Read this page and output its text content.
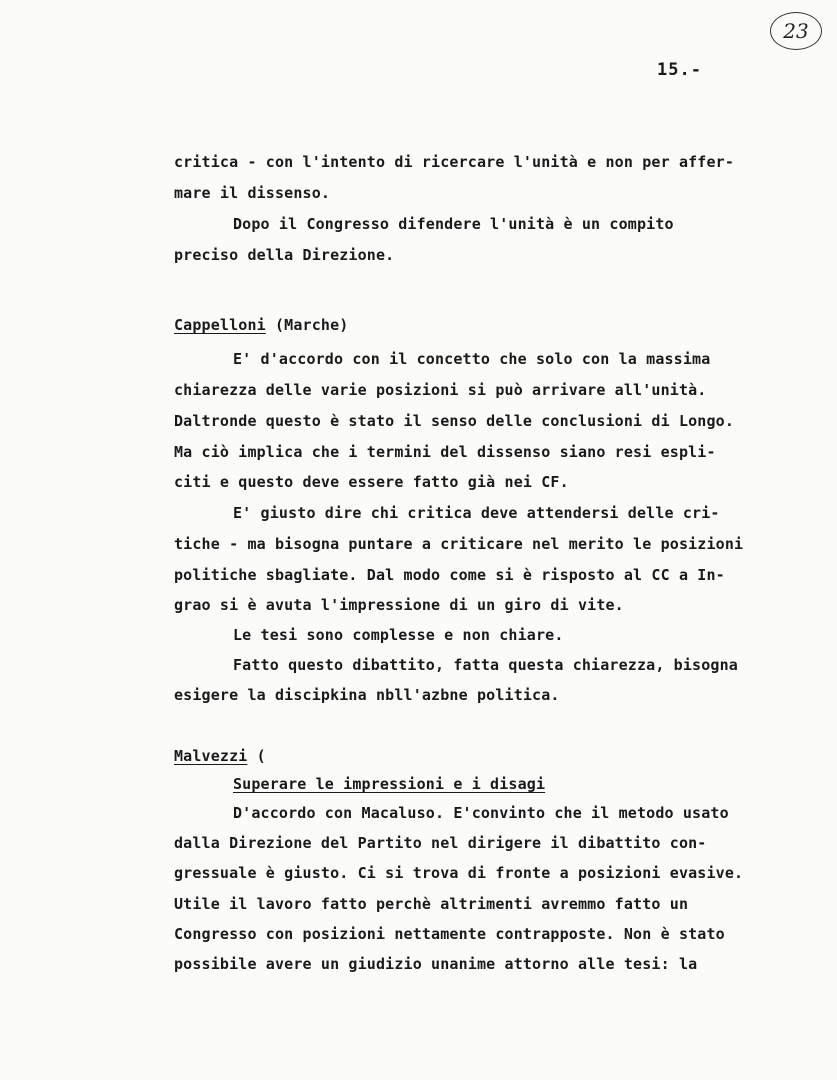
23
15.-
critica - con l'intento di ricercare l'unità e non per affer-
mare il dissenso.
Dopo il Congresso difendere l'unità è un compito
preciso della Direzione.
Cappelloni (Marche)
E' d'accordo con il concetto che solo con la massima
chiarezza delle varie posizioni si può arrivare all'unità.
Daltronde questo è stato il senso delle conclusioni di Longo.
Ma ciò implica che i termini del dissenso siano resi espli-
citi e questo deve essere fatto già nei CF.
E' giusto dire chi critica deve attendersi delle cri-
tiche - ma bisogna puntare a criticare nel merito le posizioni
politiche sbagliate. Dal modo come si è risposto al CC a In-
grao si è avuta l'impressione di un giro di vite.
Le tesi sono complesse e non chiare.
Fatto questo dibattito, fatta questa chiarezza, bisogna
esigere la discipkina nbll'azbne politica.
Malvezzi (
Superare le impressioni e i disagi
D'accordo con Macaluso. E'convinto che il metodo usato
dalla Direzione del Partito nel dirigere il dibattito con-
gressuale è giusto. Ci si trova di fronte a posizioni evasive.
Utile il lavoro fatto perchè altrimenti avremmo fatto un
Congresso con posizioni nettamente contrapposte. Non è stato
possibile avere un giudizio unanime attorno alle tesi: la
